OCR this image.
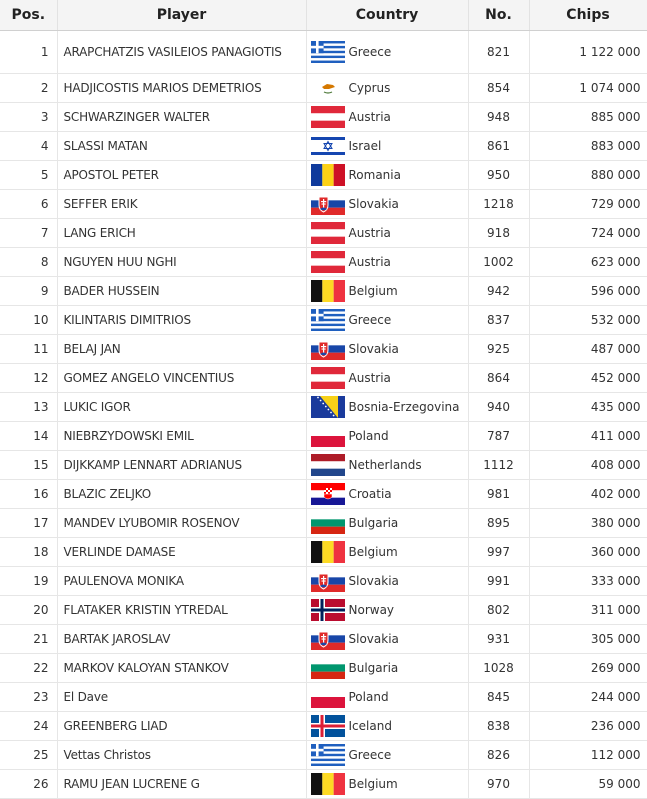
Pos.	Player	Country	No.	Chips
1	ARAPCHATZIS VASILEIOS PANAGIOTIS	Greece	821	1 122 000
2	HADJICOSTIS MARIOS DEMETRIOS	Cyprus	854	1 074 000
3	SCHWARZINGER WALTER	Austria	948	885 000
4	SLASSI MATAN	Israel	861	883 000
5	APOSTOL PETER	Romania	950	880 000
6	SEFFER ERIK	Slovakia	1218	729 000
7	LANG ERICH	Austria	918	724 000
8	NGUYEN HUU NGHI	Austria	1002	623 000
9	BADER HUSSEIN	Belgium	942	596 000
10	KILINTARIS DIMITRIOS	Greece	837	532 000
11	BELAJ JAN	Slovakia	925	487 000
12	GOMEZ ANGELO VINCENTIUS	Austria	864	452 000
13	LUKIC IGOR	Bosnia-Erzegovina	940	435 000
14	NIEBRZYDOWSKI EMIL	Poland	787	411 000
15	DIJKKAMP LENNART ADRIANUS	Netherlands	1112	408 000
16	BLAZIC ZELJKO	Croatia	981	402 000
17	MANDEV LYUBOMIR ROSENOV	Bulgaria	895	380 000
18	VERLINDE DAMASE	Belgium	997	360 000
19	PAULENOVA MONIKA	Slovakia	991	333 000
20	FLATAKER KRISTIN YTREDAL	Norway	802	311 000
21	BARTAK JAROSLAV	Slovakia	931	305 000
22	MARKOV KALOYAN STANKOV	Bulgaria	1028	269 000
23	El Dave	Poland	845	244 000
24	GREENBERG LIAD	Iceland	838	236 000
25	Vettas Christos	Greece	826	112 000
26	RAMU JEAN LUCRENE G	Belgium	970	59 000
